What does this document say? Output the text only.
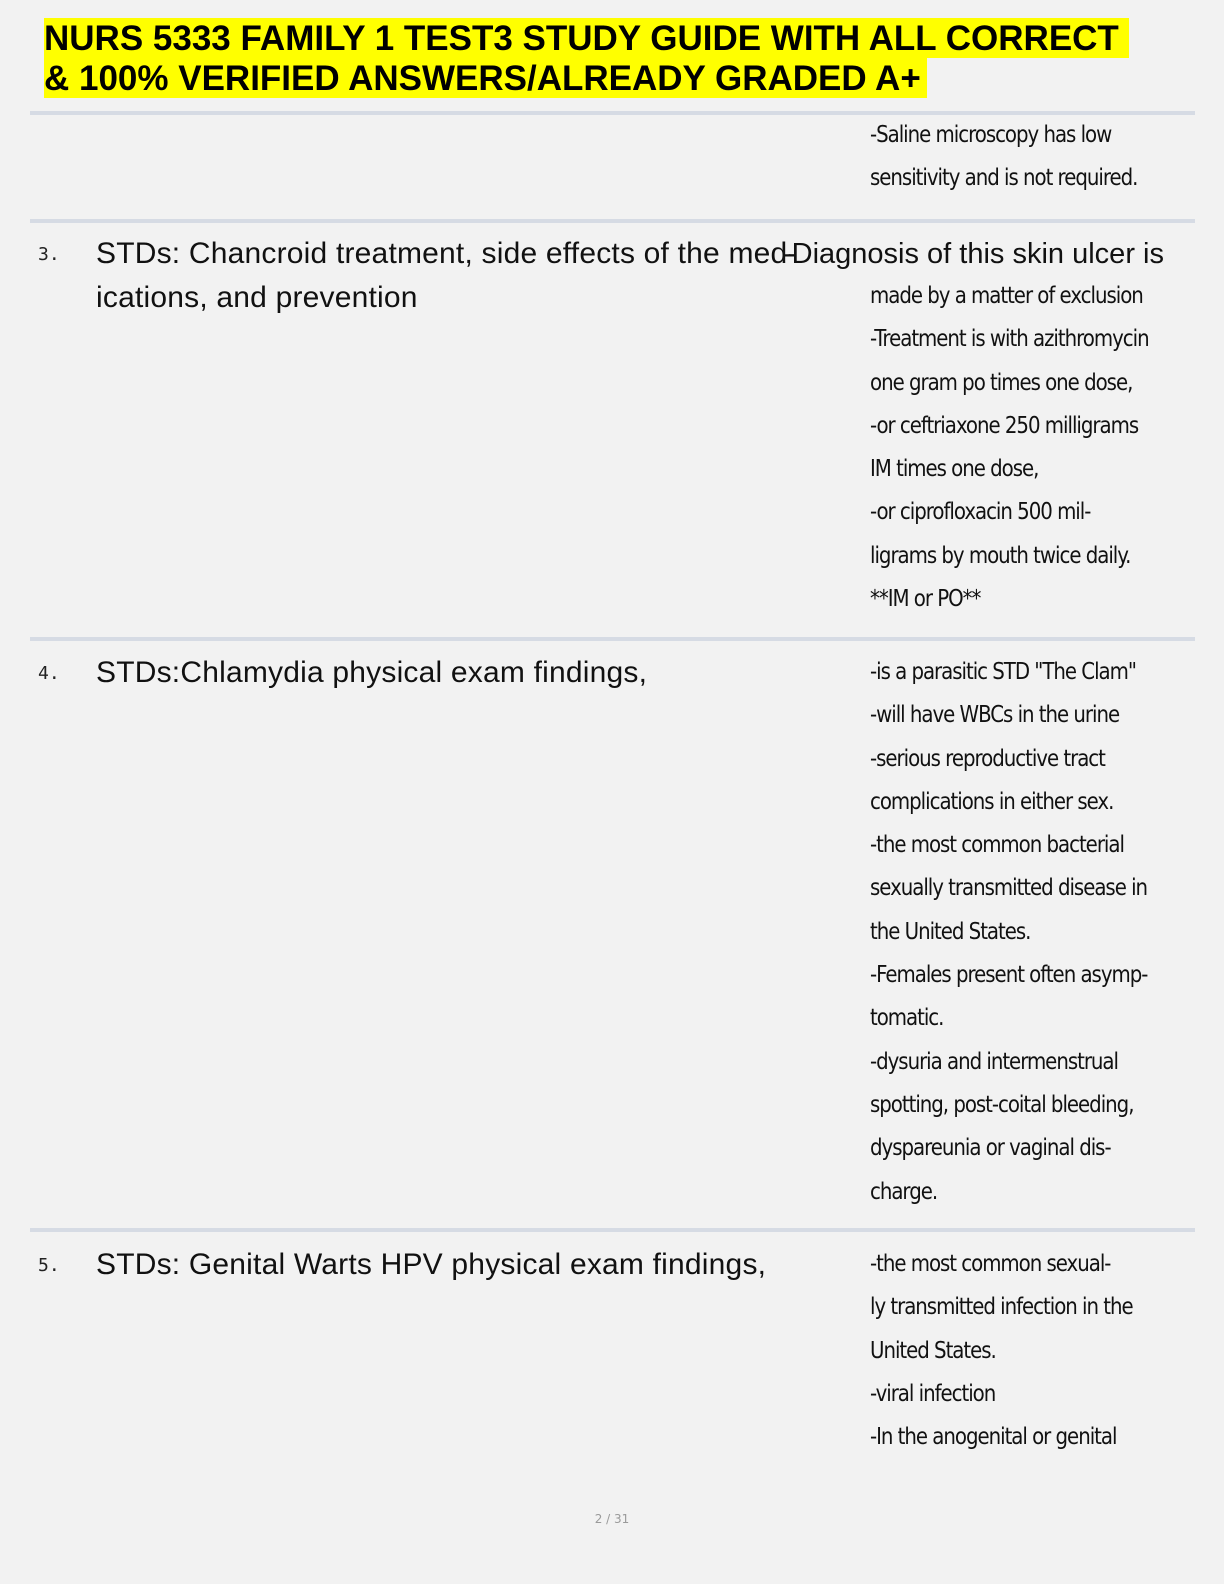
NURS 5333 FAMILY 1 TEST3 STUDY GUIDE WITH ALL CORRECT
& 100% VERIFIED ANSWERS/ALREADY GRADED A+
-Saline microscopy has low
sensitivity and is not required.
3. STDs: Chancroid treatment, side effects of the med-
ications, and prevention
-Diagnosis of this skin ulcer is
made by a matter of exclusion
-Treatment is with azithromycin
one gram po times one dose,
-or ceftriaxone 250 milligrams
IM times one dose,
-or ciprofloxacin 500 mil-
ligrams by mouth twice daily.
**IM or PO**
4. STDs:Chlamydia physical exam findings,	-is a parasitic STD "The Clam"
-will have WBCs in the urine
-serious reproductive tract
complications in either sex.
-the most common bacterial
sexually transmitted disease in
the United States.
-Females present often asymp-
tomatic.
-dysuria and intermenstrual
spotting, post-coital bleeding,
dyspareunia or vaginal dis-
charge.
5. STDs: Genital Warts HPV physical exam findings,	-the most common sexual-
ly transmitted infection in the
United States.
-viral infection
-In the anogenital or genital
2 / 31
